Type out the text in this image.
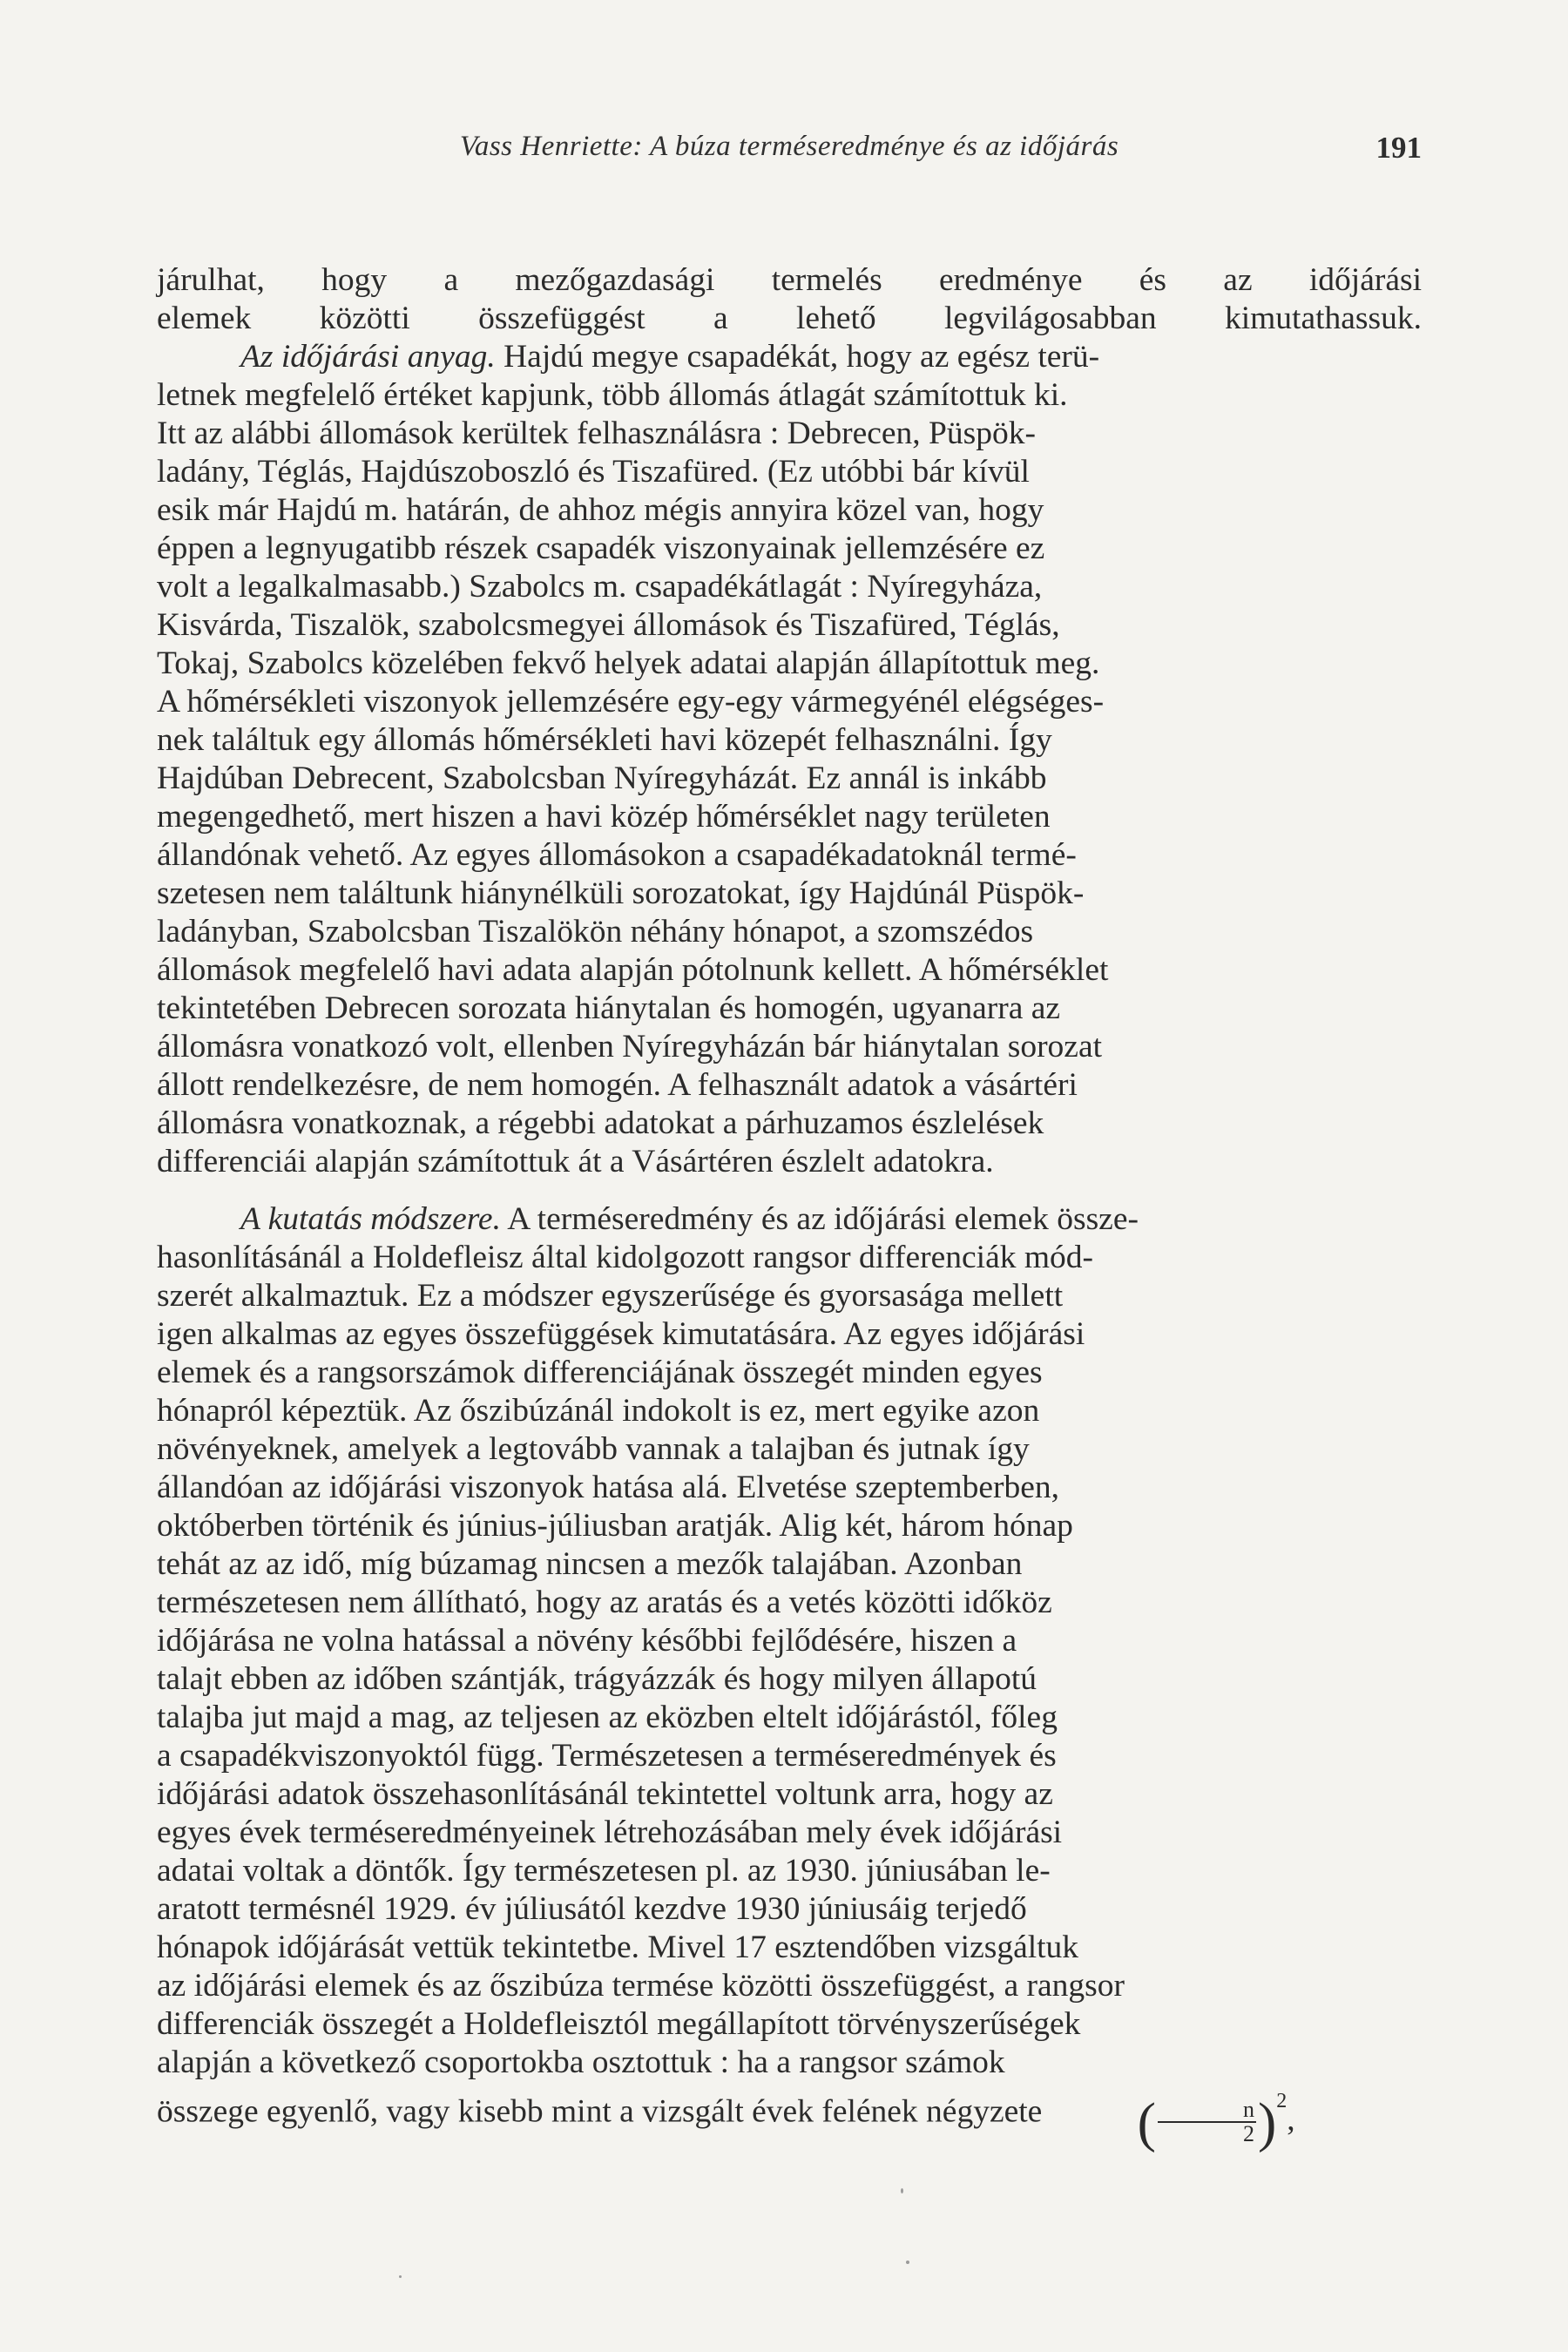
Vass Henriette: A búza terméseredménye és az időjárás	191

járulhat, hogy a mezőgazdasági termelés eredménye és az időjárási
elemek közötti összefüggést a lehető legvilágosabban kimutathassuk.

Az időjárási anyag. Hajdú megye csapadékát, hogy az egész terü-
letnek megfelelő értéket kapjunk, több állomás átlagát számítottuk ki.
Itt az alábbi állomások kerültek felhasználásra : Debrecen, Püspök-
ladány, Téglás, Hajdúszoboszló és Tiszafüred. (Ez utóbbi bár kívül
esik már Hajdú m. határán, de ahhoz mégis annyira közel van, hogy
éppen a legnyugatibb részek csapadék viszonyainak jellemzésére ez
volt a legalkalmasabb.) Szabolcs m. csapadékátlagát : Nyíregyháza,
Kisvárda, Tiszalök, szabolcsmegyei állomások és Tiszafüred, Téglás,
Tokaj, Szabolcs közelében fekvő helyek adatai alapján állapítottuk meg.
A hőmérsékleti viszonyok jellemzésére egy-egy vármegyénél elégséges-
nek találtuk egy állomás hőmérsékleti havi közepét felhasználni. Így
Hajdúban Debrecent, Szabolcsban Nyíregyházát. Ez annál is inkább
megengedhető, mert hiszen a havi közép hőmérséklet nagy területen
állandónak vehető. Az egyes állomásokon a csapadékadatoknál termé-
szetesen nem találtunk hiánynélküli sorozatokat, így Hajdúnál Püspök-
ladányban, Szabolcsban Tiszalökön néhány hónapot, a szomszédos
állomások megfelelő havi adata alapján pótolnunk kellett. A hőmérséklet
tekintetében Debrecen sorozata hiánytalan és homogén, ugyanarra az
állomásra vonatkozó volt, ellenben Nyíregyházán bár hiánytalan sorozat
állott rendelkezésre, de nem homogén. A felhasznált adatok a vásártéri
állomásra vonatkoznak, a régebbi adatokat a párhuzamos észlelések
differenciái alapján számítottuk át a Vásártéren észlelt adatokra.

A kutatás módszere. A terméseredmény és az időjárási elemek össze-
hasonlításánál a Holdefleisz által kidolgozott rangsor differenciák mód-
szerét alkalmaztuk. Ez a módszer egyszerűsége és gyorsasága mellett
igen alkalmas az egyes összefüggések kimutatására. Az egyes időjárási
elemek és a rangsorszámok differenciájának összegét minden egyes
hónapról képeztük. Az őszibúzánál indokolt is ez, mert egyike azon
növényeknek, amelyek a legtovább vannak a talajban és jutnak így
állandóan az időjárási viszonyok hatása alá. Elvetése szeptemberben,
októberben történik és június-júliusban aratják. Alig két, három hónap
tehát az az idő, míg búzamag nincsen a mezők talajában. Azonban
természetesen nem állítható, hogy az aratás és a vetés közötti időköz
időjárása ne volna hatással a növény későbbi fejlődésére, hiszen a
talajt ebben az időben szántják, trágyázzák és hogy milyen állapotú
talajba jut majd a mag, az teljesen az eközben eltelt időjárástól, főleg
a csapadékviszonyoktól függ. Természetesen a terméseredmények és
időjárási adatok összehasonlításánál tekintettel voltunk arra, hogy az
egyes évek terméseredményeinek létrehozásában mely évek időjárási
adatai voltak a döntők. Így természetesen pl. az 1930. júniusában le-
aratott termésnél 1929. év júliusától kezdve 1930 júniusáig terjedő
hónapok időjárását vettük tekintetbe. Mivel 17 esztendőben vizsgáltuk
az időjárási elemek és az őszibúza termése közötti összefüggést, a rangsor
differenciák összegét a Holdefleisztól megállapított törvényszerűségek
alapján a következő csoportokba osztottuk : ha a rangsor számok
összege egyenlő, vagy kisebb mint a vizsgált évek felének négyzete ( $\frac{n}{2} )^2$,
